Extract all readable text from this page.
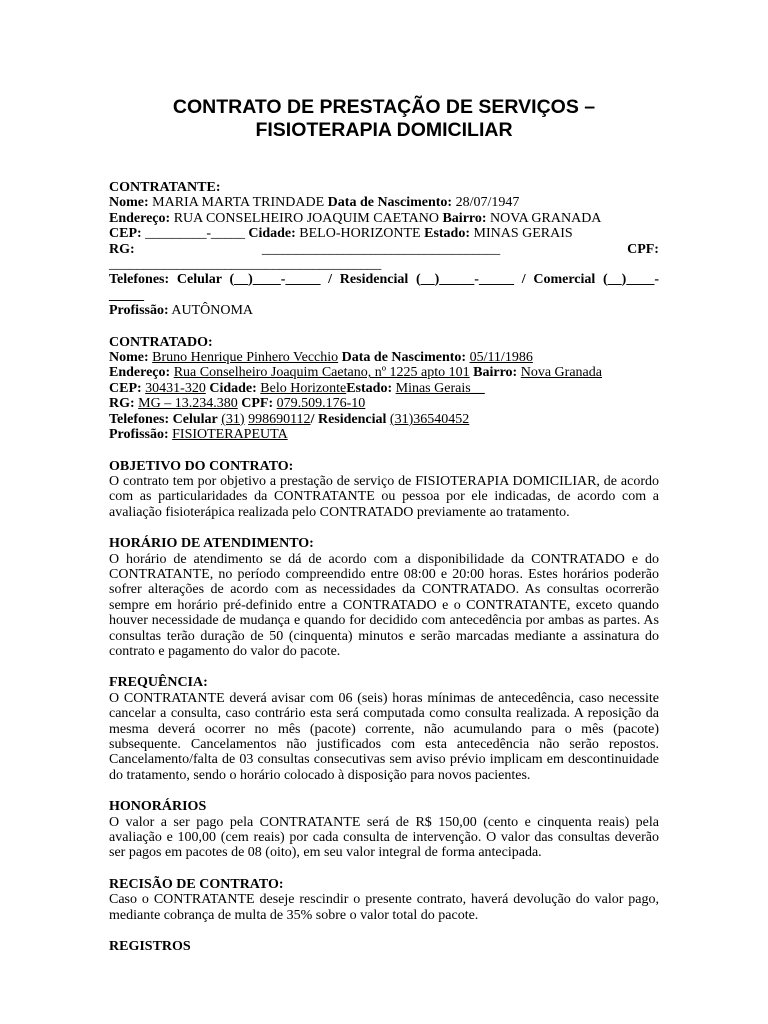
CONTRATO DE PRESTAÇÃO DE SERVIÇOS –
FISIOTERAPIA DOMICILIAR
CONTRATANTE:
Nome: MARIA MARTA TRINDADE Data de Nascimento: 28/07/1947
Endereço: RUA CONSELHEIRO JOAQUIM CAETANO Bairro: NOVA GRANADA
CEP: _________-_____ Cidade: BELO-HORIZONTE Estado: MINAS GERAIS
RG:	___________________________________	CPF:
________________________________________
Telefones: Celular (__)____-_____ / Residencial (__)_____-_____ / Comercial (__)____-
_____
Profissão: AUTÔNOMA
CONTRATADO:
Nome: Bruno Henrique Pinhero Vecchio Data de Nascimento: 05/11/1986
Endereço: Rua Conselheiro Joaquim Caetano, nº 1225 apto 101 Bairro: Nova Granada
CEP: 30431-320 Cidade: Belo HorizonteEstado: Minas Gerais__
RG: MG – 13.234.380 CPF: 079.509.176-10
Telefones: Celular (31) 998690112/ Residencial (31)36540452
Profissão: FISIOTERAPEUTA
OBJETIVO DO CONTRATO:
O contrato tem por objetivo a prestação de serviço de FISIOTERAPIA DOMICILIAR, de acordo com as particularidades da CONTRATANTE ou pessoa por ele indicadas, de acordo com a avaliação fisioterápica realizada pelo CONTRATADO previamente ao tratamento.
HORÁRIO DE ATENDIMENTO:
O horário de atendimento se dá de acordo com a disponibilidade da CONTRATADO e do CONTRATANTE, no período compreendido entre 08:00 e 20:00 horas. Estes horários poderão sofrer alterações de acordo com as necessidades da CONTRATADO. As consultas ocorrerão sempre em horário pré-definido entre a CONTRATADO e o CONTRATANTE, exceto quando houver necessidade de mudança e quando for decidido com antecedência por ambas as partes. As consultas terão duração de 50 (cinquenta) minutos e serão marcadas mediante a assinatura do contrato e pagamento do valor do pacote.
FREQUÊNCIA:
O CONTRATANTE deverá avisar com 06 (seis) horas mínimas de antecedência, caso necessite cancelar a consulta, caso contrário esta será computada como consulta realizada. A reposição da mesma deverá ocorrer no mês (pacote) corrente, não acumulando para o mês (pacote) subsequente. Cancelamentos não justificados com esta antecedência não serão repostos. Cancelamento/falta de 03 consultas consecutivas sem aviso prévio implicam em descontinuidade do tratamento, sendo o horário colocado à disposição para novos pacientes.
HONORÁRIOS
O valor a ser pago pela CONTRATANTE será de R$ 150,00 (cento e cinquenta reais) pela avaliação e 100,00 (cem reais) por cada consulta de intervenção. O valor das consultas deverão ser pagos em pacotes de 08 (oito), em seu valor integral de forma antecipada.
RECISÃO DE CONTRATO:
Caso o CONTRATANTE deseje rescindir o presente contrato, haverá devolução do valor pago, mediante cobrança de multa de 35% sobre o valor total do pacote.
REGISTROS
